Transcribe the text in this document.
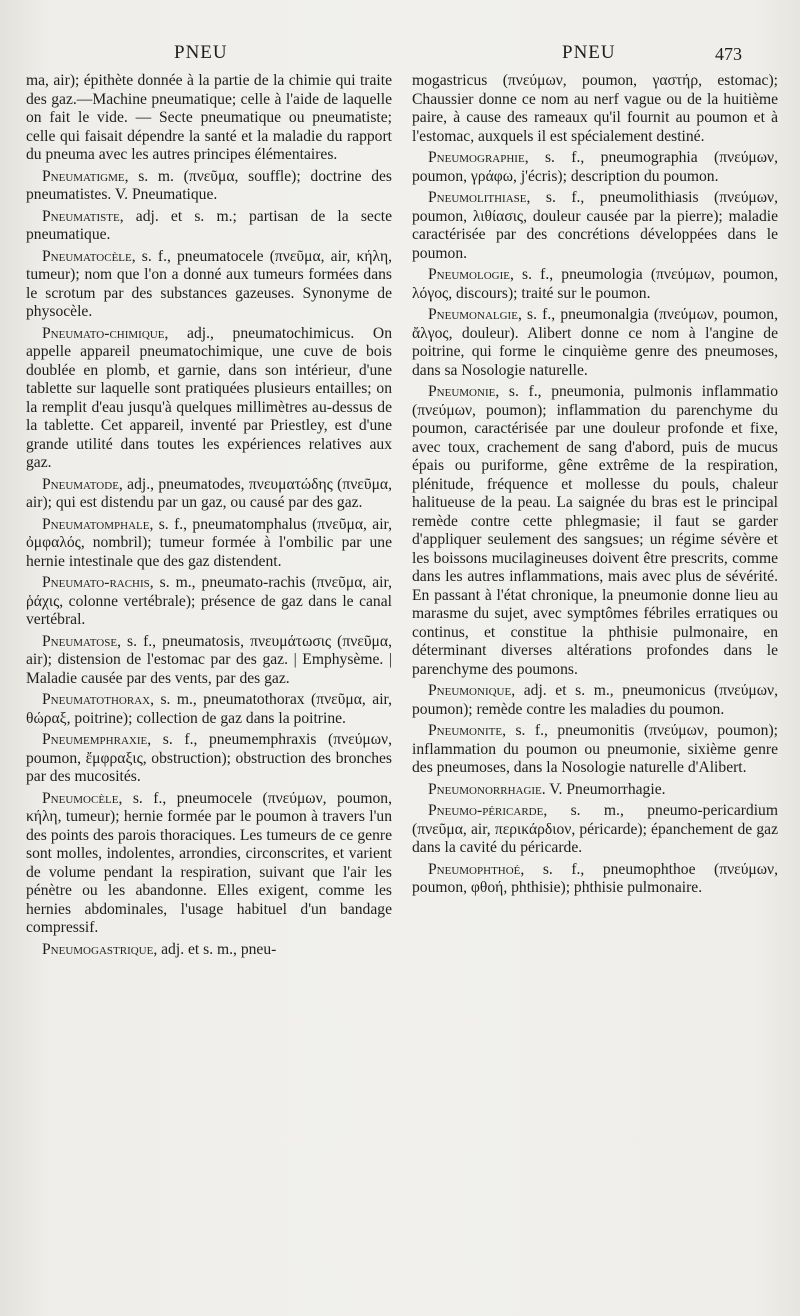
PNEU	PNEU	473

ma, air); épithète donnée à la partie de la chimie qui traite des gaz.—Machine pneumatique; celle à l'aide de laquelle on fait le vide. — Secte pneumatique ou pneumatiste; celle qui faisait dépendre la santé et la maladie du rapport du pneuma avec les autres principes élémentaires.

Pneumatigme, s. m. (πνεῦμα, souffle); doctrine des pneumatistes. V. Pneumatique.

Pneumatiste, adj. et s. m.; partisan de la secte pneumatique.

Pneumatocèle, s. f., pneumatocele (πνεῦμα, air, κήλη, tumeur); nom que l'on a donné aux tumeurs formées dans le scrotum par des substances gazeuses. Synonyme de physocèle.

Pneumato-chimique, adj., pneumatochimicus. On appelle appareil pneumatochimique, une cuve de bois doublée en plomb, et garnie, dans son intérieur, d'une tablette sur laquelle sont pratiquées plusieurs entailles; on la remplit d'eau jusqu'à quelques millimètres au-dessus de la tablette. Cet appareil, inventé par Priestley, est d'une grande utilité dans toutes les expériences relatives aux gaz.

Pneumatode, adj., pneumatodes, πνευματώδης (πνεῦμα, air); qui est distendu par un gaz, ou causé par des gaz.

Pneumatomphale, s. f., pneumatomphalus (πνεῦμα, air, ὀμφαλός, nombril); tumeur formée à l'ombilic par une hernie intestinale que des gaz distendent.

Pneumato-rachis, s. m., pneumato-rachis (πνεῦμα, air, ῥάχις, colonne vertébrale); présence de gaz dans le canal vertébral.

Pneumatose, s. f., pneumatosis, πνευμάτωσις (πνεῦμα, air); distension de l'estomac par des gaz. | Emphysème. | Maladie causée par des vents, par des gaz.

Pneumatothorax, s. m., pneumatothorax (πνεῦμα, air, θώραξ, poitrine); collection de gaz dans la poitrine.

Pneumemphraxie, s. f., pneumemphraxis (πνεύμων, poumon, ἔμφραξις, obstruction); obstruction des bronches par des mucosités.

Pneumocèle, s. f., pneumocele (πνεύμων, poumon, κήλη, tumeur); hernie formée par le poumon à travers l'un des points des parois thoraciques. Les tumeurs de ce genre sont molles, indolentes, arrondies, circonscrites, et varient de volume pendant la respiration, suivant que l'air les pénètre ou les abandonne. Elles exigent, comme les hernies abdominales, l'usage habituel d'un bandage compressif.

Pneumogastrique, adj. et s. m., pneu-

mogastricus (πνεύμων, poumon, γαστήρ, estomac); Chaussier donne ce nom au nerf vague ou de la huitième paire, à cause des rameaux qu'il fournit au poumon et à l'estomac, auxquels il est spécialement destiné.

Pneumographie, s. f., pneumographia (πνεύμων, poumon, γράφω, j'écris); description du poumon.

Pneumolithiase, s. f., pneumolithiasis (πνεύμων, poumon, λιθίασις, douleur causée par la pierre); maladie caractérisée par des concrétions développées dans le poumon.

Pneumologie, s. f., pneumologia (πνεύμων, poumon, λόγος, discours); traité sur le poumon.

Pneumonalgie, s. f., pneumonalgia (πνεύμων, poumon, ἄλγος, douleur). Alibert donne ce nom à l'angine de poitrine, qui forme le cinquième genre des pneumoses, dans sa Nosologie naturelle.

Pneumonie, s. f., pneumonia, pulmonis inflammatio (πνεύμων, poumon); inflammation du parenchyme du poumon, caractérisée par une douleur profonde et fixe, avec toux, crachement de sang d'abord, puis de mucus épais ou puriforme, gêne extrême de la respiration, plénitude, fréquence et mollesse du pouls, chaleur halitueuse de la peau. La saignée du bras est le principal remède contre cette phlegmasie; il faut se garder d'appliquer seulement des sangsues; un régime sévère et les boissons mucilagineuses doivent être prescrits, comme dans les autres inflammations, mais avec plus de sévérité. En passant à l'état chronique, la pneumonie donne lieu au marasme du sujet, avec symptômes fébriles erratiques ou continus, et constitue la phthisie pulmonaire, en déterminant diverses altérations profondes dans le parenchyme des poumons.

Pneumonique, adj. et s. m., pneumonicus (πνεύμων, poumon); remède contre les maladies du poumon.

Pneumonite, s. f., pneumonitis (πνεύμων, poumon); inflammation du poumon ou pneumonie, sixième genre des pneumoses, dans la Nosologie naturelle d'Alibert.

Pneumonorrhagie. V. Pneumorrhagie.

Pneumo-péricarde, s. m., pneumo-pericardium (πνεῦμα, air, περικάρδιον, péricarde); épanchement de gaz dans la cavité du péricarde.

Pneumophthoé, s. f., pneumophthoe (πνεύμων, poumon, φθοή, phthisie); phthisie pulmonaire.
